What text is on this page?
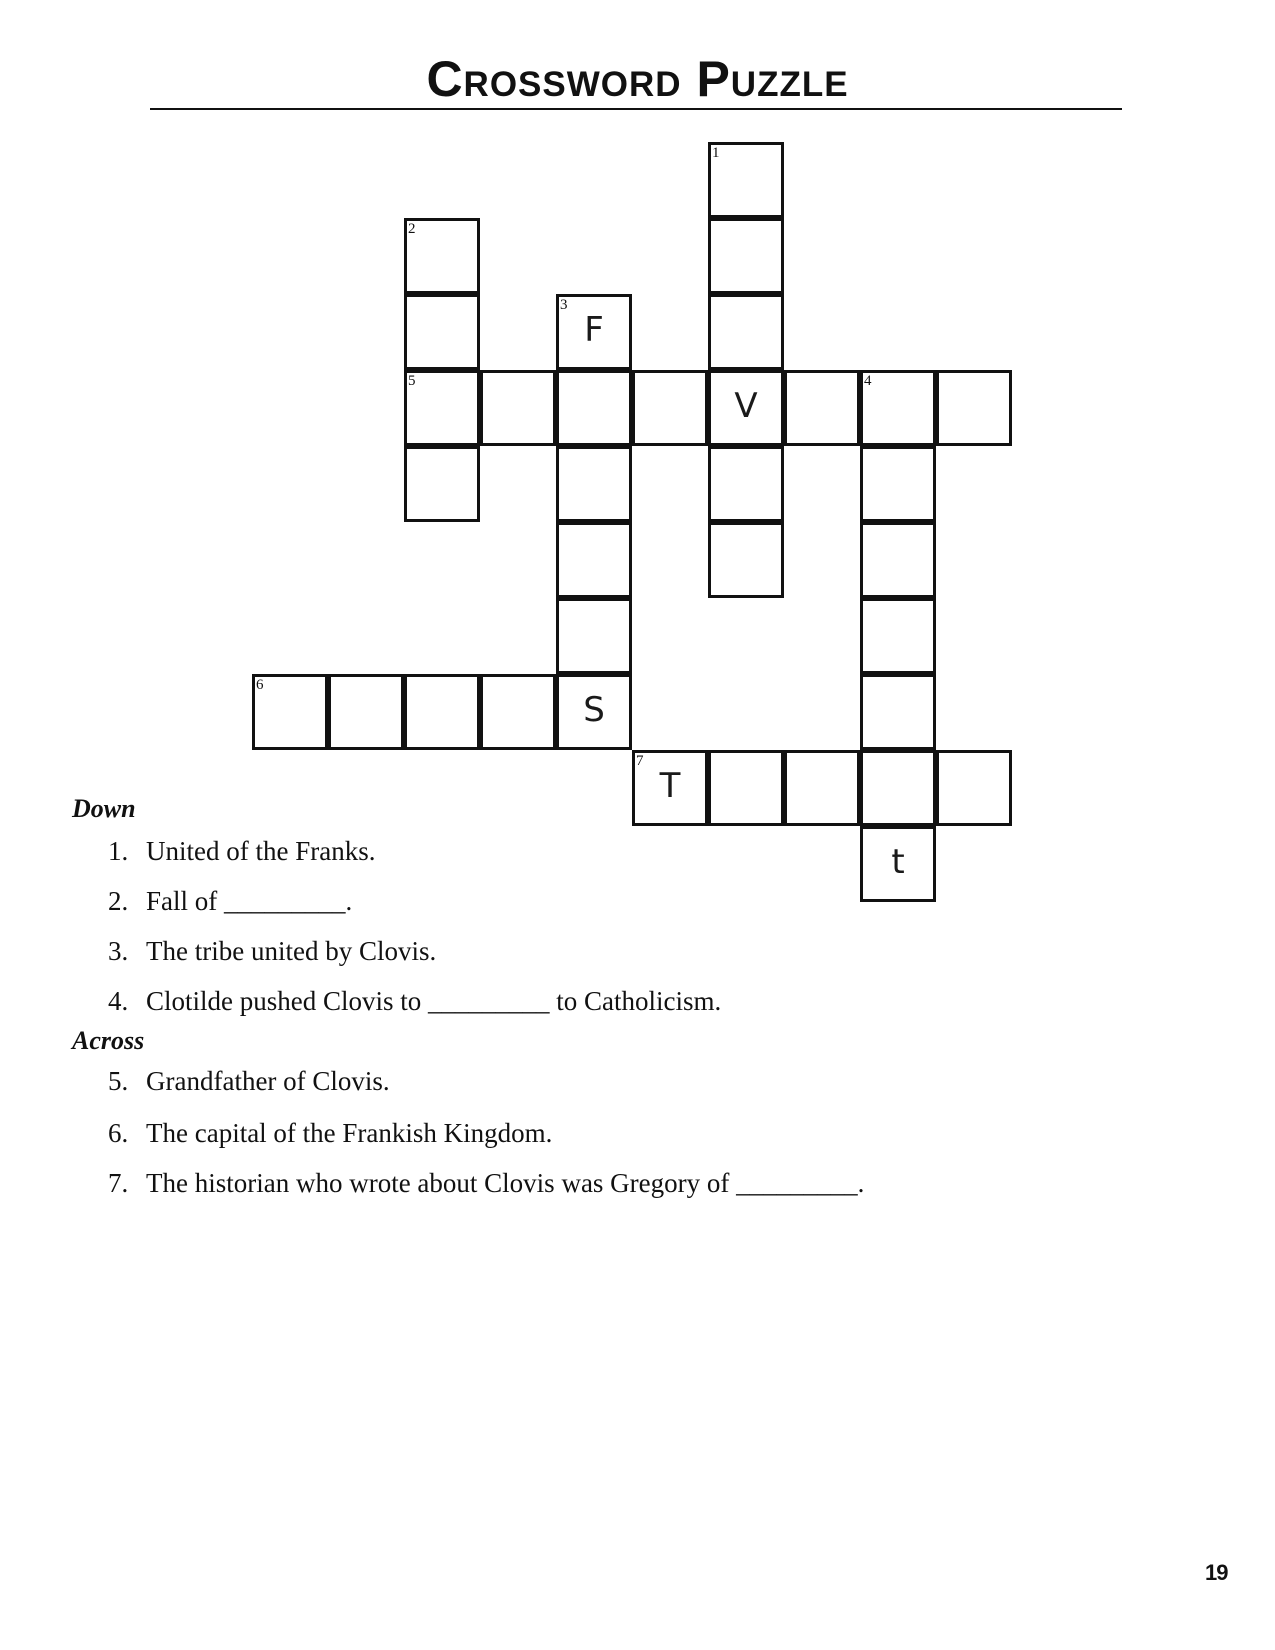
Crossword Puzzle
1
V
2
5
3
F
S
4
t
6
7
T
Down
1. United of the Franks.
2. Fall of _________.
3. The tribe united by Clovis.
4. Clotilde pushed Clovis to _________ to Catholicism.
Across
5. Grandfather of Clovis.
6. The capital of the Frankish Kingdom.
7. The historian who wrote about Clovis was Gregory of _________.
19
